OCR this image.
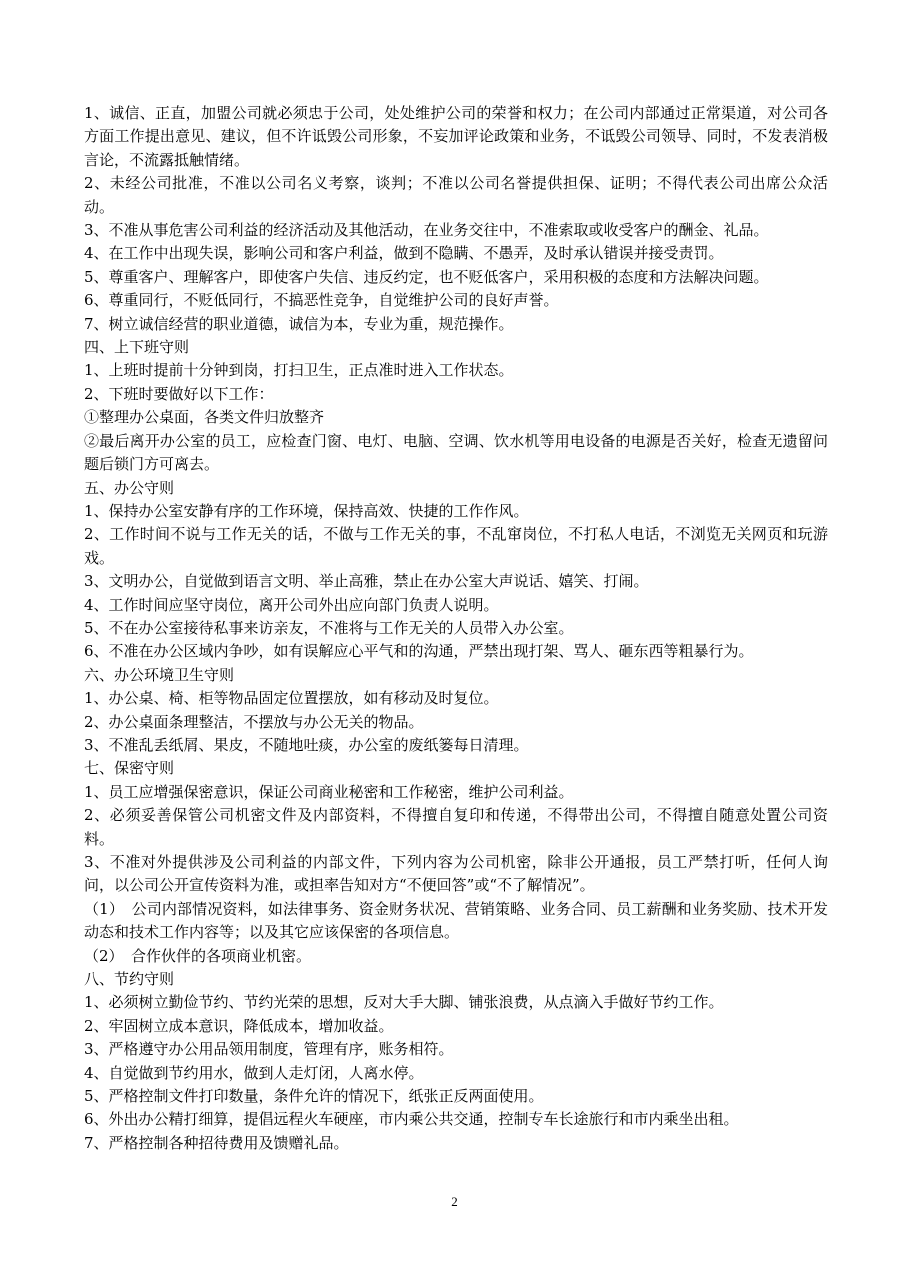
1、诚信、正直，加盟公司就必须忠于公司，处处维护公司的荣誉和权力；在公司内部通过正常渠道，对公司各方面工作提出意见、建议，但不许诋毁公司形象，不妄加评论政策和业务，不诋毁公司领导、同时，不发表消极言论，不流露抵触情绪。

2、未经公司批准，不准以公司名义考察，谈判；不准以公司名誉提供担保、证明；不得代表公司出席公众活动。

3、不准从事危害公司利益的经济活动及其他活动，在业务交往中，不准索取或收受客户的酬金、礼品。

4、在工作中出现失误，影响公司和客户利益，做到不隐瞒、不愚弄，及时承认错误并接受责罚。

5、尊重客户、理解客户，即使客户失信、违反约定，也不贬低客户，采用积极的态度和方法解决问题。

6、尊重同行，不贬低同行，不搞恶性竞争，自觉维护公司的良好声誉。

7、树立诚信经营的职业道德，诚信为本，专业为重，规范操作。

四、上下班守则

1、上班时提前十分钟到岗，打扫卫生，正点准时进入工作状态。

2、下班时要做好以下工作：

①整理办公桌面，各类文件归放整齐

②最后离开办公室的员工，应检查门窗、电灯、电脑、空调、饮水机等用电设备的电源是否关好，检查无遗留问题后锁门方可离去。

五、办公守则

1、保持办公室安静有序的工作环境，保持高效、快捷的工作作风。

2、工作时间不说与工作无关的话，不做与工作无关的事，不乱窜岗位，不打私人电话，不浏览无关网页和玩游戏。

3、文明办公，自觉做到语言文明、举止高雅，禁止在办公室大声说话、嬉笑、打闹。

4、工作时间应坚守岗位，离开公司外出应向部门负责人说明。

5、不在办公室接待私事来访亲友，不准将与工作无关的人员带入办公室。

6、不准在办公区域内争吵，如有误解应心平气和的沟通，严禁出现打架、骂人、砸东西等粗暴行为。

六、办公环境卫生守则

1、办公桌、椅、柜等物品固定位置摆放，如有移动及时复位。

2、办公桌面条理整洁，不摆放与办公无关的物品。

3、不准乱丢纸屑、果皮，不随地吐痰，办公室的废纸篓每日清理。

七、保密守则

1、员工应增强保密意识，保证公司商业秘密和工作秘密，维护公司利益。

2、必须妥善保管公司机密文件及内部资料，不得擅自复印和传递，不得带出公司，不得擅自随意处置公司资料。

3、不准对外提供涉及公司利益的内部文件，下列内容为公司机密，除非公开通报，员工严禁打听，任何人询问，以公司公开宣传资料为准，或担率告知对方“不便回答”或“不了解情况”。

（1）　公司内部情况资料，如法律事务、资金财务状况、营销策略、业务合同、员工薪酬和业务奖励、技术开发动态和技术工作内容等；以及其它应该保密的各项信息。

（2）　合作伙伴的各项商业机密。

八、节约守则

1、必须树立勤俭节约、节约光荣的思想，反对大手大脚、铺张浪费，从点滴入手做好节约工作。

2、牢固树立成本意识，降低成本，增加收益。

3、严格遵守办公用品领用制度，管理有序，账务相符。

4、自觉做到节约用水，做到人走灯闭，人离水停。

5、严格控制文件打印数量，条件允许的情况下，纸张正反两面使用。

6、外出办公精打细算，提倡远程火车硬座，市内乘公共交通，控制专车长途旅行和市内乘坐出租。

7、严格控制各种招待费用及馈赠礼品。

2
